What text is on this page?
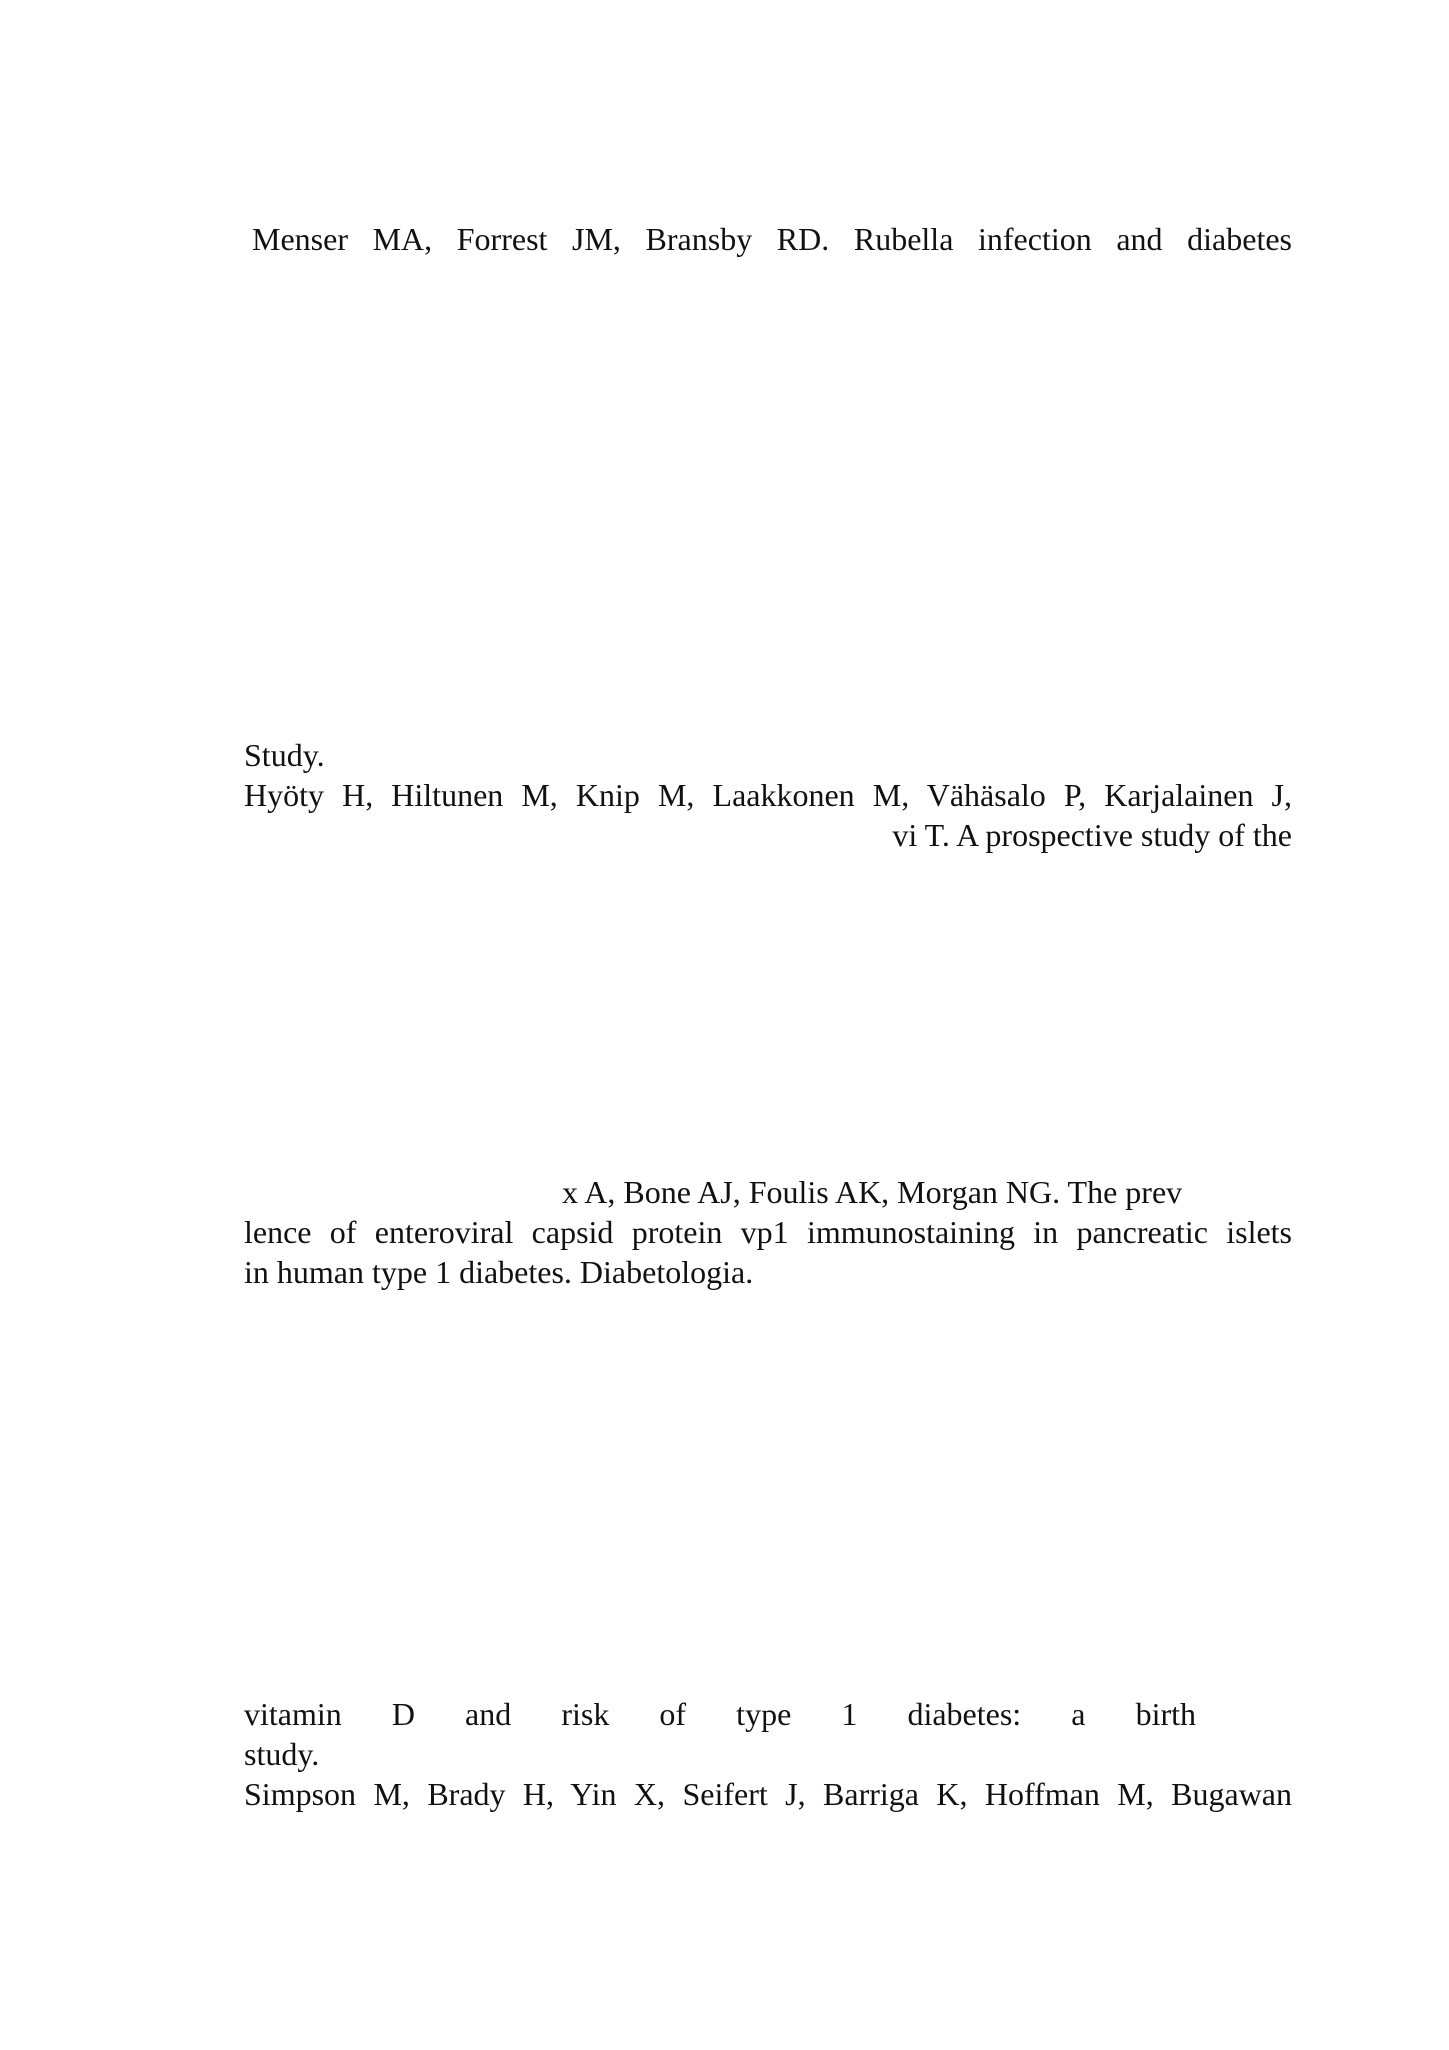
Menser MA, Forrest JM, Bransby RD. Rubella infection and diabetes

Study.

Hyöty H, Hiltunen M, Knip M, Laakkonen M, Vähäsalo P, Karjalainen J,

vi T. A prospective study of the

x A, Bone AJ, Foulis AK, Morgan NG. The prev

lence of enteroviral capsid protein vp1 immunostaining in pancreatic islets

in human type 1 diabetes. Diabetologia.

vitamin D and risk of type 1 diabetes: a birth

study.

Simpson M, Brady H, Yin X, Seifert J, Barriga K, Hoffman M, Bugawan
